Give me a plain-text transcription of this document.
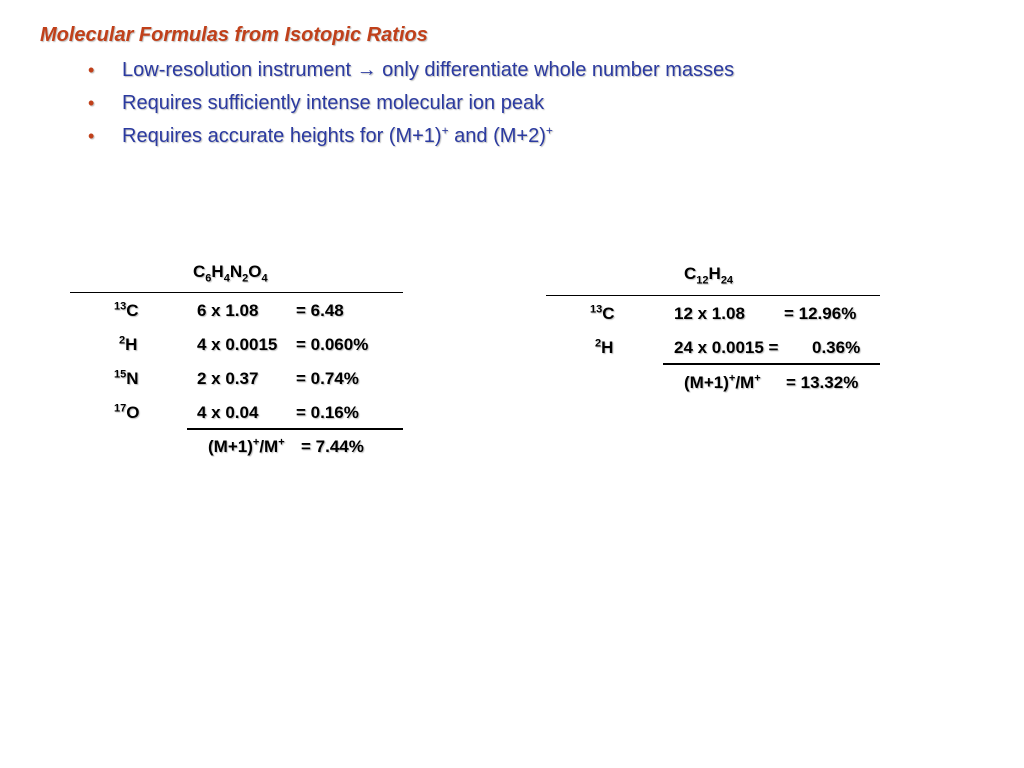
Molecular Formulas from Isotopic Ratios
• Low-resolution instrument → only differentiate whole number masses
• Requires sufficiently intense molecular ion peak
• Requires accurate heights for (M+1)+ and (M+2)+
$C_6H_4N_2O_4$
$^{13}$C	6 x 1.08 = 6.48
$^2$H	4 x 0.0015 = 0.060%
$^{15}$N	2 x 0.37 = 0.74%
$^{17}$O	4 x 0.04 = 0.16%
(M+1)+/M+ = 7.44%
$C_{12}H_{24}$
$^{13}$C	12 x 1.08 = 12.96%
$^2$H	24 x 0.0015 = 0.36%
(M+1)+/M+ = 13.32%
